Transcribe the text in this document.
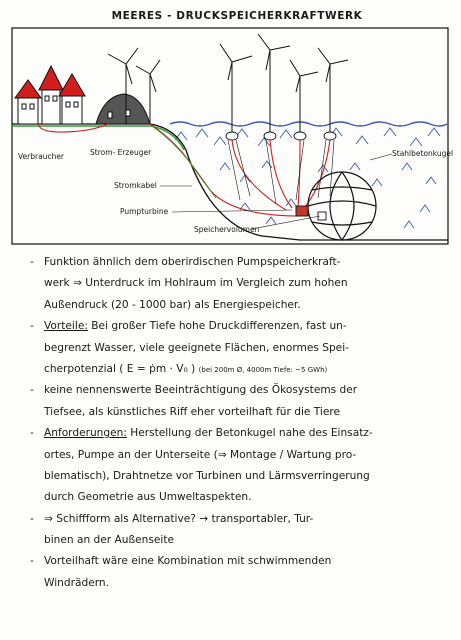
MEERES - DRUCKSPEICHERKRAFTWERK
Verbraucher	Strom- Erzeuger
Stromkabel
Pumpturbine
Speichervolumen
Stahlbetonkugel
- Funktion ähnlich dem oberirdischen Pumpspeicherkraft-
werk ⇒ Unterdruck im Hohlraum im Vergleich zum hohen
Außendruck (20 - 1000 bar) als Energiespeicher.
- Vorteile: Bei großer Tiefe hohe Druckdifferenzen, fast un-
begrenzt Wasser, viele geeignete Flächen, enormes Spei-
cherpotenzial ( E = ṗm · V₀ ) (bei 200m Ø, 4000m Tiefe: ~5 GWh)
- keine nennenswerte Beeinträchtigung des Ökosystems der
Tiefsee, als künstliches Riff eher vorteilhaft für die Tiere
- Anforderungen: Herstellung der Betonkugel nahe des Einsatz-
ortes, Pumpe an der Unterseite (⇒ Montage / Wartung pro-
blematisch), Drahtnetze vor Turbinen und Lärmsverringerung
durch Geometrie aus Umweltaspekten.
- ⇒ Schiffform als Alternative? → transportabler, Tur-
binen an der Außenseite
- Vorteilhaft wäre eine Kombination mit schwimmenden
Windrädern.
